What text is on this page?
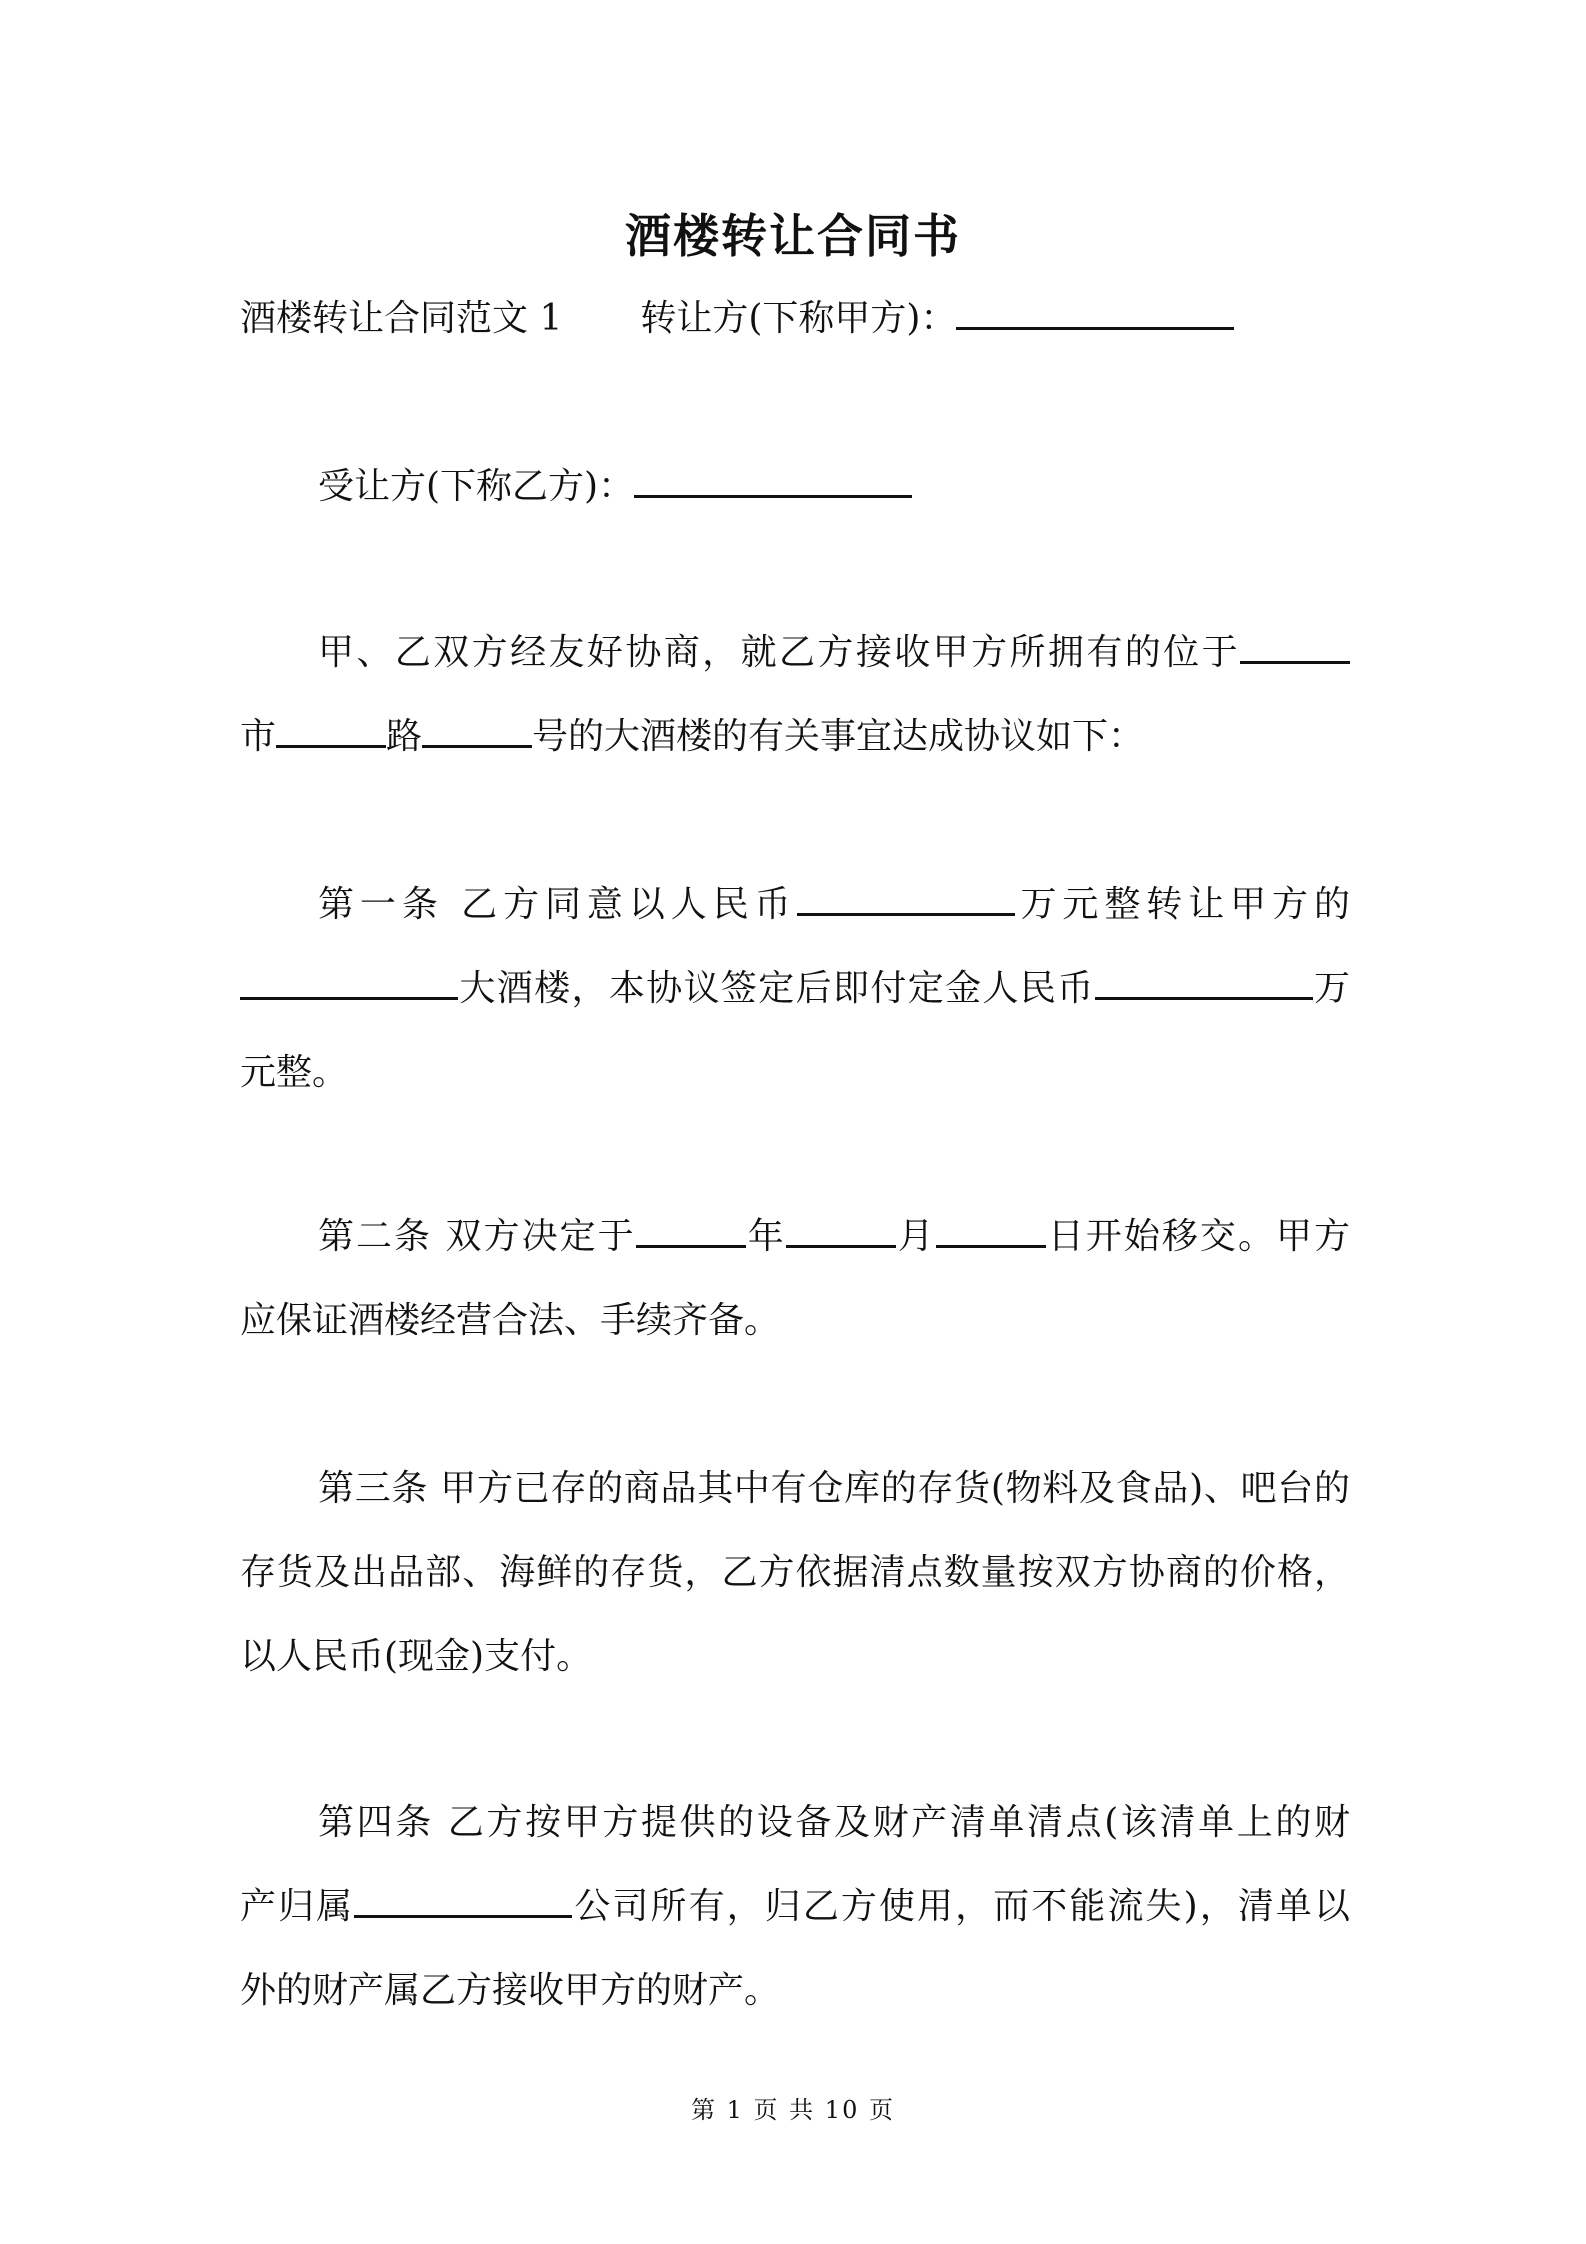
酒楼转让合同书
酒楼转让合同范文 1 转让方(下称甲方)：
受让方(下称乙方)：
甲、乙双方经友好协商，就乙方接收甲方所拥有的位于
市	路	号的大酒楼的有关事宜达成协议如下：
第一条 乙方同意以人民币	万元整转让甲方的
大酒楼，本协议签定后即付定金人民币	万
元整。
第二条 双方决定于	年	月	日开始移交。甲方
应保证酒楼经营合法、手续齐备。
第三条 甲方已存的商品其中有仓库的存货(物料及食品)、吧台的
存货及出品部、海鲜的存货，乙方依据清点数量按双方协商的价格，
以人民币(现金)支付。
第四条 乙方按甲方提供的设备及财产清单清点(该清单上的财
产归属	公司所有，归乙方使用，而不能流失)，清单以
外的财产属乙方接收甲方的财产。
第 1 页 共 10 页
